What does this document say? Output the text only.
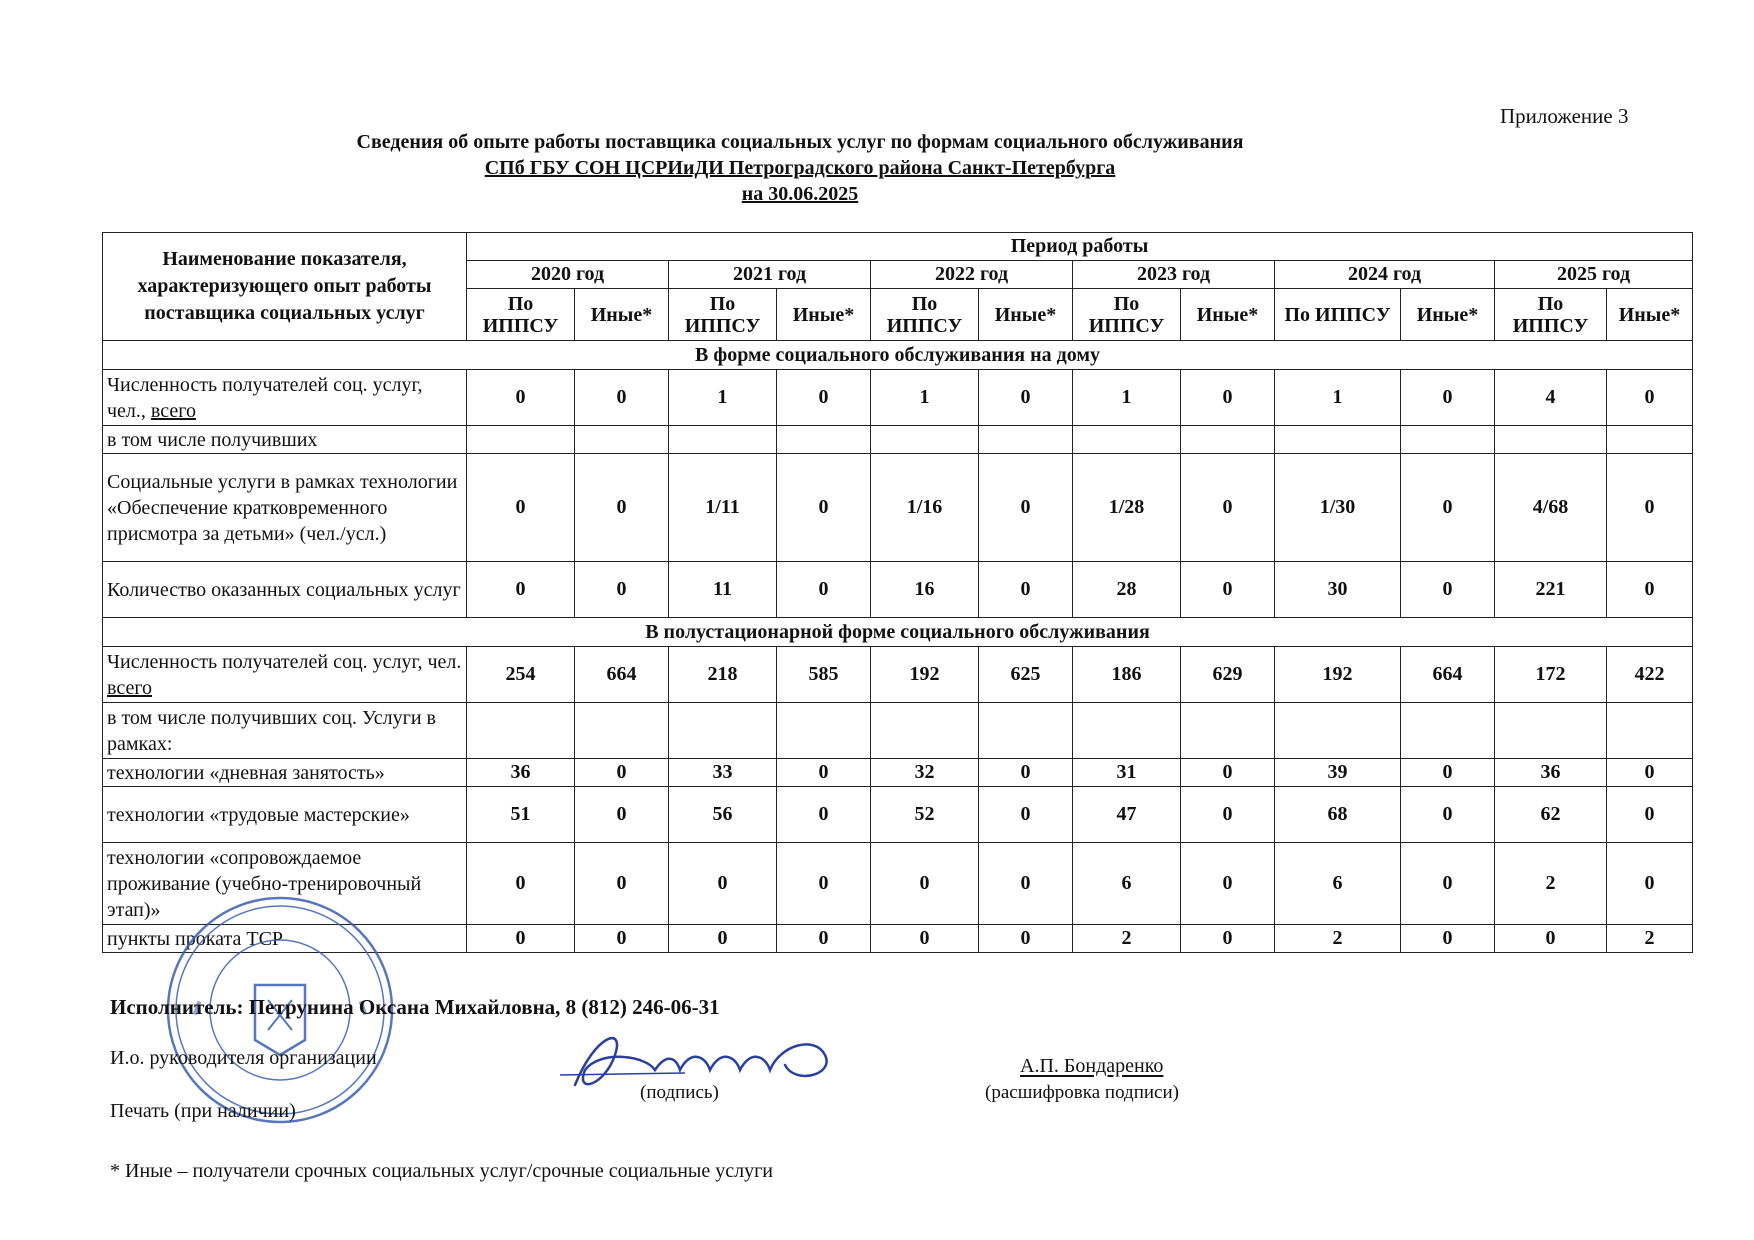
Приложение 3
Сведения об опыте работы поставщика социальных услуг по формам социального обслуживания
СПб ГБУ СОН ЦСРИиДИ Петроградского района Санкт-Петербурга
на 30.06.2025
Наименование показателя, характеризующего опыт работы поставщика социальных услуг	Период работы											
	2020 год		2021 год		2022 год		2023 год		2024 год		2025 год	
	По ИППСУ	Иные*	По ИППСУ	Иные*	По ИППСУ	Иные*	По ИППСУ	Иные*	По ИППСУ	Иные*	По ИППСУ	Иные*
В форме социального обслуживания на дому												
Численность получателей соц. услуг, чел., всего	0	0	1	0	1	0	1	0	1	0	4	0
в том числе получивших												
Социальные услуги в рамках технологии «Обеспечение кратковременного присмотра за детьми» (чел./усл.)	0	0	1/11	0	1/16	0	1/28	0	1/30	0	4/68	0
Количество оказанных социальных услуг	0	0	11	0	16	0	28	0	30	0	221	0
В полустационарной форме социального обслуживания												
Численность получателей соц. услуг, чел. всего	254	664	218	585	192	625	186	629	192	664	172	422
в том числе получивших соц. Услуги в рамках:												
технологии «дневная занятость»	36	0	33	0	32	0	31	0	39	0	36	0
технологии «трудовые мастерские»	51	0	56	0	52	0	47	0	68	0	62	0
технологии «сопровождаемое проживание (учебно-тренировочный этап)»	0	0	0	0	0	0	6	0	6	0	2	0
пункты проката ТСР	0	0	0	0	0	0	2	0	2	0	0	2
Исполнитель: Петрунина Оксана Михайловна, 8 (812) 246-06-31
И.о. руководителя организации
(подпись)
А.П. Бондаренко
(расшифровка подписи)
Печать (при наличии)
* Иные – получатели срочных социальных услуг/срочные социальные услуги
